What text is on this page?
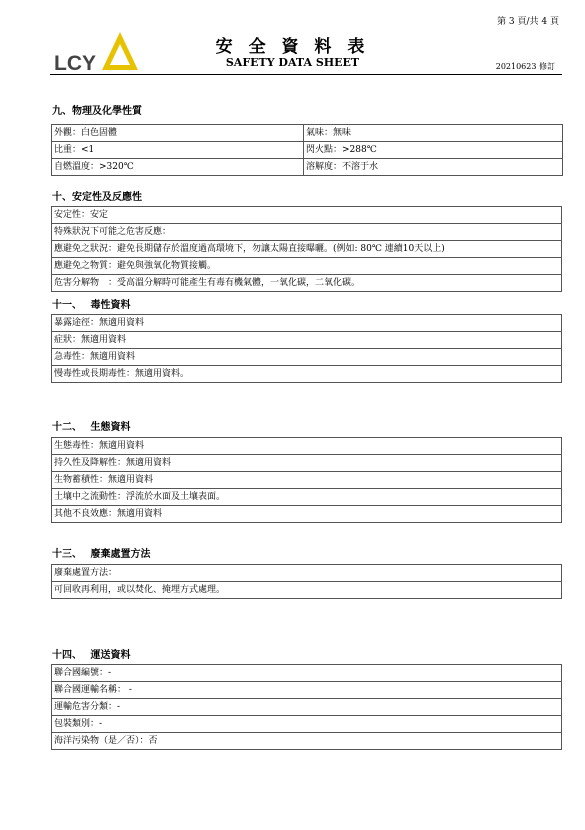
第 3 頁/共 4 頁
LCY
安 全 資 料 表
SAFETY DATA SHEET	20210623 修訂
九、物理及化學性質
外觀：白色固體	氣味：無味
比重：<1	閃火點：>288℃
自燃溫度：>320℃	溶解度：不溶于水
十、安定性及反應性
安定性：安定
特殊狀況下可能之危害反應：
應避免之狀況：避免長期儲存於溫度過高環境下，勿讓太陽直接曝曬。(例如: 80℃ 連續10天以上)
應避免之物質：避免與強氧化物質接觸。
危害分解物　：受高溫分解時可能產生有毒有機氣體，一氧化碳，二氧化碳。
十一、　 毒性資料
暴露途徑：無適用資料
症狀：無適用資料
急毒性：無適用資料
慢毒性或長期毒性：無適用資料。
十二、　 生態資料
生態毒性：無適用資料
持久性及降解性：無適用資料
生物蓄積性：無適用資料
土壤中之流動性：浮流於水面及土壤表面。
其他不良效應：無適用資料
十三、　 廢棄處置方法
廢棄處置方法：
可回收再利用，或以焚化、掩埋方式處理。
十四、　 運送資料
聯合國編號：-
聯合國運輸名稱： -
運輸危害分類：-
包裝類別：-
海洋污染物（是／否）：否
